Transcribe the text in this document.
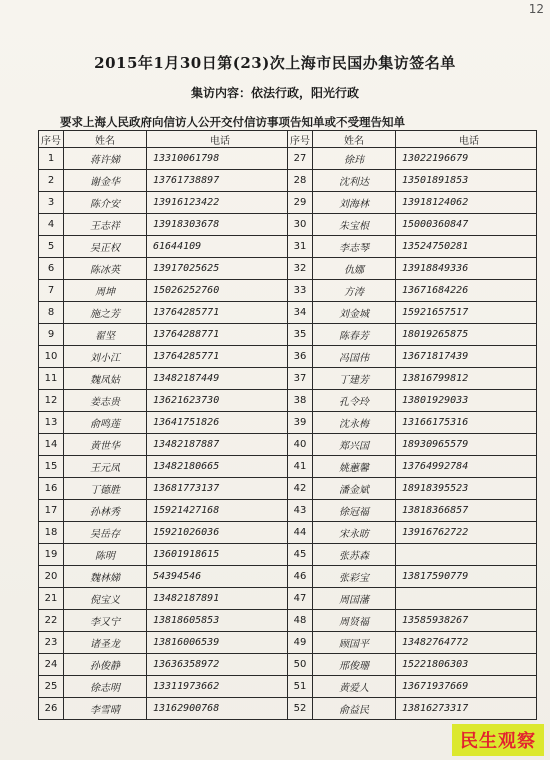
12
2015年1月30日第(23)次上海市民国办集访签名单
集访内容：依法行政，阳光行政
要求上海人民政府向信访人公开交付信访事项告知单或不受理告知单
序号	姓名	电话	序号	姓名	电话
1	蒋许娣	13310061798	27	徐玮	13022196679
2	谢金华	13761738897	28	沈利达	13501891853
3	陈介安	13916123422	29	刘海林	13918124062
4	王志祥	13918303678	30	朱宝根	15000360847
5	吴正权	61644109	31	李志琴	13524750281
6	陈冰英	13917025625	32	仇娜	13918849336
7	周坤	15026252760	33	方涛	13671684226
8	施之芳	13764285771	34	刘金城	15921657517
9	翟坚	13764288771	35	陈春芳	18019265875
10	刘小江	13764285771	36	冯国伟	13671817439
11	魏凤姑	13482187449	37	丁建芳	13816799812
12	姜志贵	13621623730	38	孔令玲	13801929033
13	俞鸣莲	13641751826	39	沈永梅	13166175316
14	黄世华	13482187887	40	郑兴国	18930965579
15	王元凤	13482180665	41	姚蕙馨	13764992784
16	丁德胜	13681773137	42	潘金斌	18918395523
17	孙林秀	15921427168	43	徐冠福	13818366857
18	吴岳存	15921026036	44	宋永昉	13916762722
19	陈明	13601918615	45	张苏森	
20	魏林娣	54394546	46	张彩宝	13817590779
21	倪宝义	13482187891	47	周国藩	
22	李又宁	13818605853	48	周贤福	13585938267
23	诸圣龙	13816006539	49	顾国平	13482764772
24	孙俊静	13636358972	50	邢俊珊	15221806303
25	徐志明	13311973662	51	黄爱人	13671937669
26	李雪晴	13162900768	52	俞益民	13816273317
民生观察
